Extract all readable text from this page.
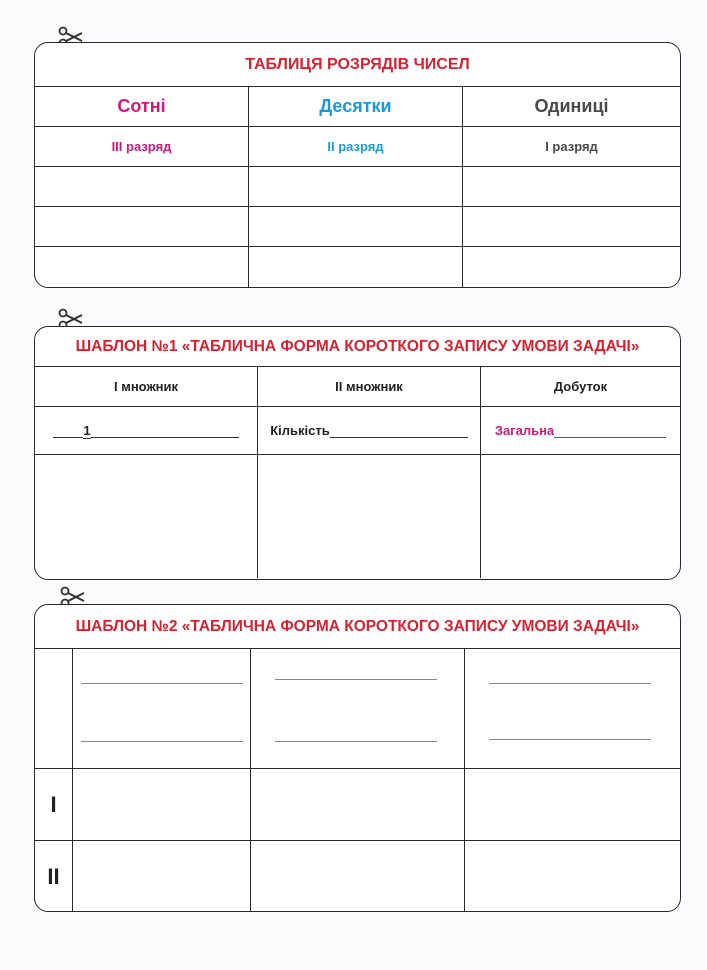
ТАБЛИЦЯ РОЗРЯДІВ ЧИСЕЛ
Сотні	Десятки	Одиниці
III разряд	II разряд	I разряд
ШАБЛОН №1 «ТАБЛИЧНА ФОРМА КОРОТКОГО ЗАПИСУ УМОВИ ЗАДАЧІ»
І множник	ІІ множник	Добуток
1	Кількість	Загальна
ШАБЛОН №2 «ТАБЛИЧНА ФОРМА КОРОТКОГО ЗАПИСУ УМОВИ ЗАДАЧІ»
I
II
